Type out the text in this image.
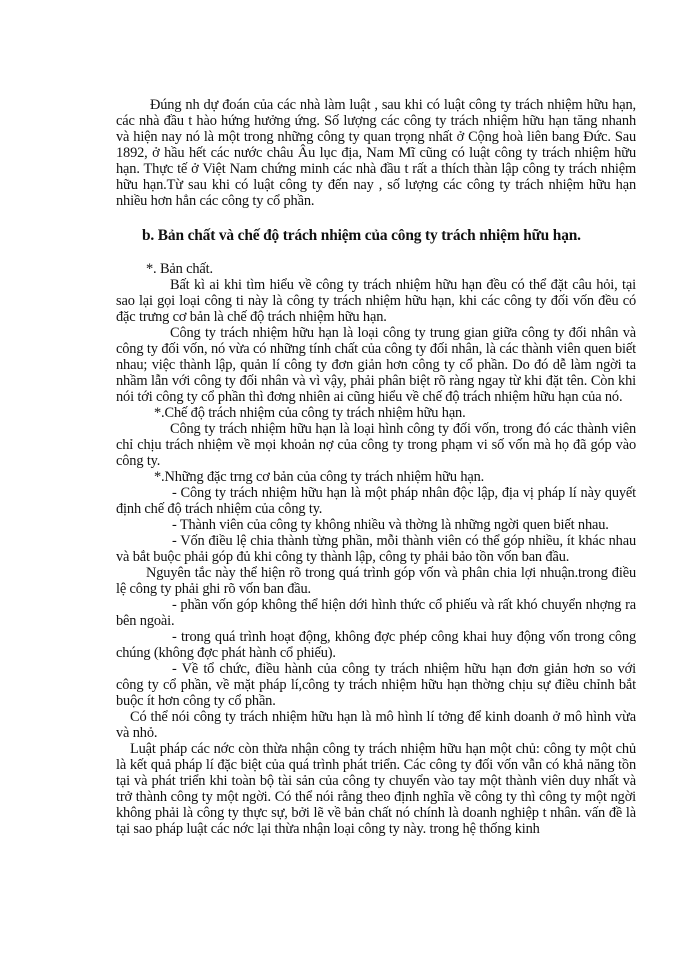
Đúng nh dự đoán của các nhà làm luật , sau khi có luật công ty trách nhiệm hữu hạn, các nhà đầu t hào hứng hưởng ứng. Số lượng các công ty trách nhiệm hữu hạn tăng nhanh và hiện nay nó là một trong những công ty quan trọng nhất ở Cộng hoà liên bang Đức. Sau 1892, ở hầu hết các nước châu Âu lục địa, Nam Mĩ cũng có luật công ty trách nhiệm hữu hạn. Thực tế ở Việt Nam chứng minh các nhà đầu t rất a thích thàn lập công ty trách nhiệm hữu hạn.Từ sau khi có luật công ty đến nay , số lượng các công ty trách nhiệm hữu hạn nhiều hơn hẳn các công ty cổ phần.

b. Bản chất và chế độ trách nhiệm của công ty trách nhiệm hữu hạn.

*. Bản chất.

Bất kì ai khi tìm hiểu về công ty trách nhiệm hữu hạn đều có thể đặt câu hỏi, tại sao lại gọi loại công ti này là công ty trách nhiệm hữu hạn, khi các công ty đối vốn đều có đặc trưng cơ bản là chế độ trách nhiệm hữu hạn.

Công ty trách nhiệm hữu hạn là loại công ty trung gian giữa công ty đối nhân và công ty đối vốn, nó vừa có những tính chất của công ty đối nhân, là các thành viên quen biết nhau; việc thành lập, quản lí công ty đơn giản hơn công ty cổ phần. Do đó dễ làm ngời ta nhầm lẫn với công ty đối nhân và vì vậy, phải phân biệt rõ ràng ngay từ khi đặt tên. Còn khi nói tới công ty cổ phần thì đơng nhiên ai cũng hiểu về chế độ trách nhiệm hữu hạn của nó.

*.Chế độ trách nhiệm của công ty trách nhiệm hữu hạn.

Công ty trách nhiệm hữu hạn là loại hình công ty đối vốn, trong đó các thành viên chỉ chịu trách nhiệm về mọi khoản nợ của công ty trong phạm vi số vốn mà họ đã góp vào công ty.

*.Những đặc trng cơ bản của công ty trách nhiệm hữu hạn.

- Công ty trách nhiệm hữu hạn là một pháp nhân độc lập, địa vị pháp lí này quyết định chế độ trách nhiệm của công ty.

- Thành viên của công ty không nhiều và thờng là những ngời quen biết nhau.

- Vốn điều lệ chia thành từng phần, mỗi thành viên có thể góp nhiều, ít khác nhau và bắt buộc phải góp đủ khi công ty thành lập, công ty phải bảo tồn vốn ban đầu.

Nguyên tắc này thể hiện rõ trong quá trình góp vốn và phân chia lợi nhuận.trong điều lệ công ty phải ghi rõ vốn ban đầu.

- phần vốn góp không thể hiện dới hình thức cổ phiếu và rất khó chuyển nhợng ra bên ngoài.

- trong quá trình hoạt động, không đợc phép công khai huy động vốn trong công chúng (không đợc phát hành cổ phiếu).

- Về tổ chức, điều hành của công ty trách nhiệm hữu hạn đơn giản hơn so với công ty cổ phần, về mặt pháp lí,công ty trách nhiệm hữu hạn thờng chịu sự điều chỉnh bắt buộc ít hơn công ty cổ phần.

Có thể nói công ty trách nhiệm hữu hạn là mô hình lí tởng để kinh doanh ở mô hình vừa và nhỏ.

Luật pháp các nớc còn thừa nhận công ty trách nhiệm hữu hạn một chủ: công ty một chủ là kết quả pháp lí đặc biệt của quá trình phát triển. Các công ty đối vốn vẫn có khả năng tồn tại và phát triển khi toàn bộ tài sản của công ty chuyển vào tay một thành viên duy nhất và trở thành công ty một ngời. Có thể nói rằng theo định nghĩa về công ty thì công ty một ngời không phải là công ty thực sự, bởi lẽ về bản chất nó chính là doanh nghiệp t nhân. vấn đề là tại sao pháp luật các nớc lại thừa nhận loại công ty này. trong hệ thống kinh
